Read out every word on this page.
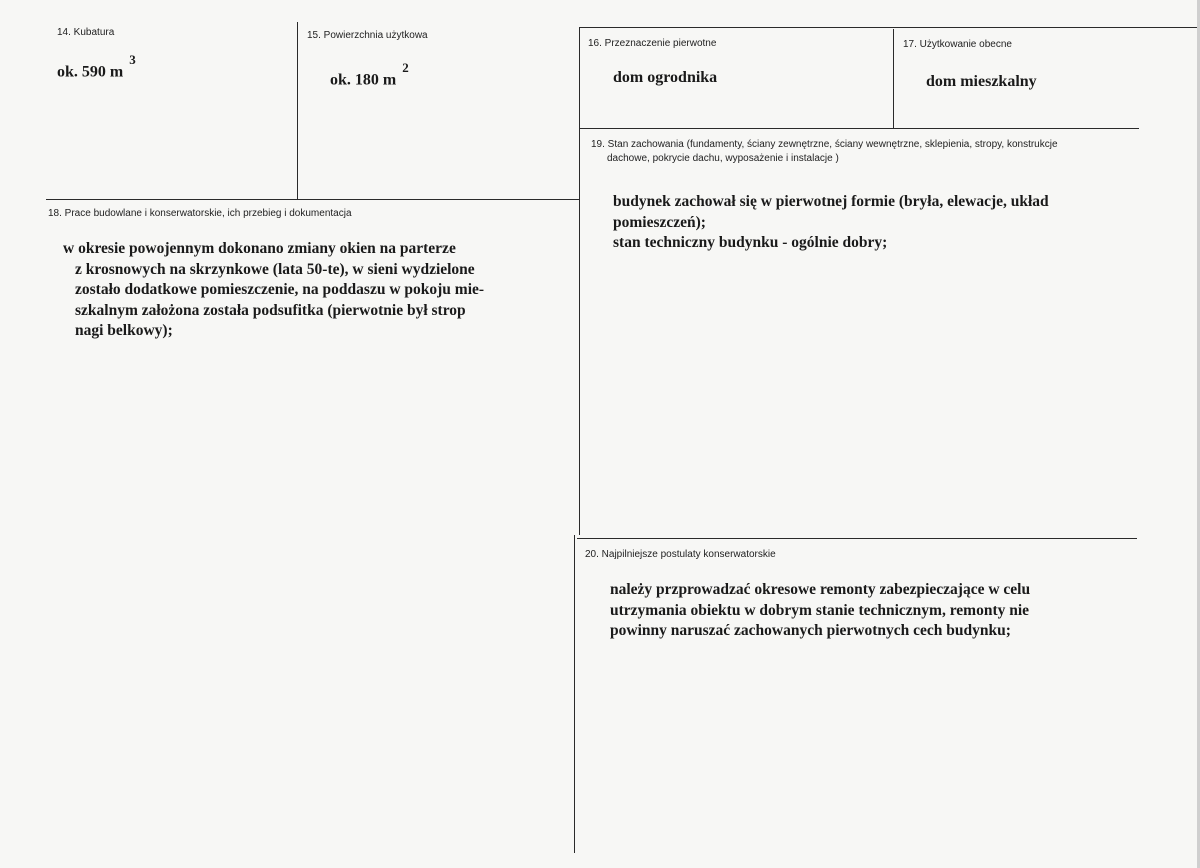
14. Kubatura
ok. 590 $m^3$
15. Powierzchnia użytkowa
ok. 180 $m^2$
16. Przeznaczenie pierwotne
dom ogrodnika
17. Użytkowanie obecne
dom mieszkalny
19. Stan zachowania (fundamenty, ściany zewnętrzne, ściany wewnętrzne, sklepienia, stropy, konstrukcje
dachowe, pokrycie dachu, wyposażenie i instalacje )
budynek zachował się w pierwotnej formie (bryła, elewacje, układ
pomieszczeń);
stan techniczny budynku - ogólnie dobry;
18. Prace budowlane i konserwatorskie, ich przebieg i dokumentacja
w okresie powojennym dokonano zmiany okien na parterze
z krosnowych na skrzynkowe (lata 50-te), w sieni wydzielone
zostało dodatkowe pomieszczenie, na poddaszu w pokoju mie-
szkalnym założona została podsufitka (pierwotnie był strop
nagi belkowy);
20. Najpilniejsze postulaty konserwatorskie
należy przprowadzać okresowe remonty zabezpieczające w celu
utrzymania obiektu w dobrym stanie technicznym, remonty nie
powinny naruszać zachowanych pierwotnych cech budynku;
